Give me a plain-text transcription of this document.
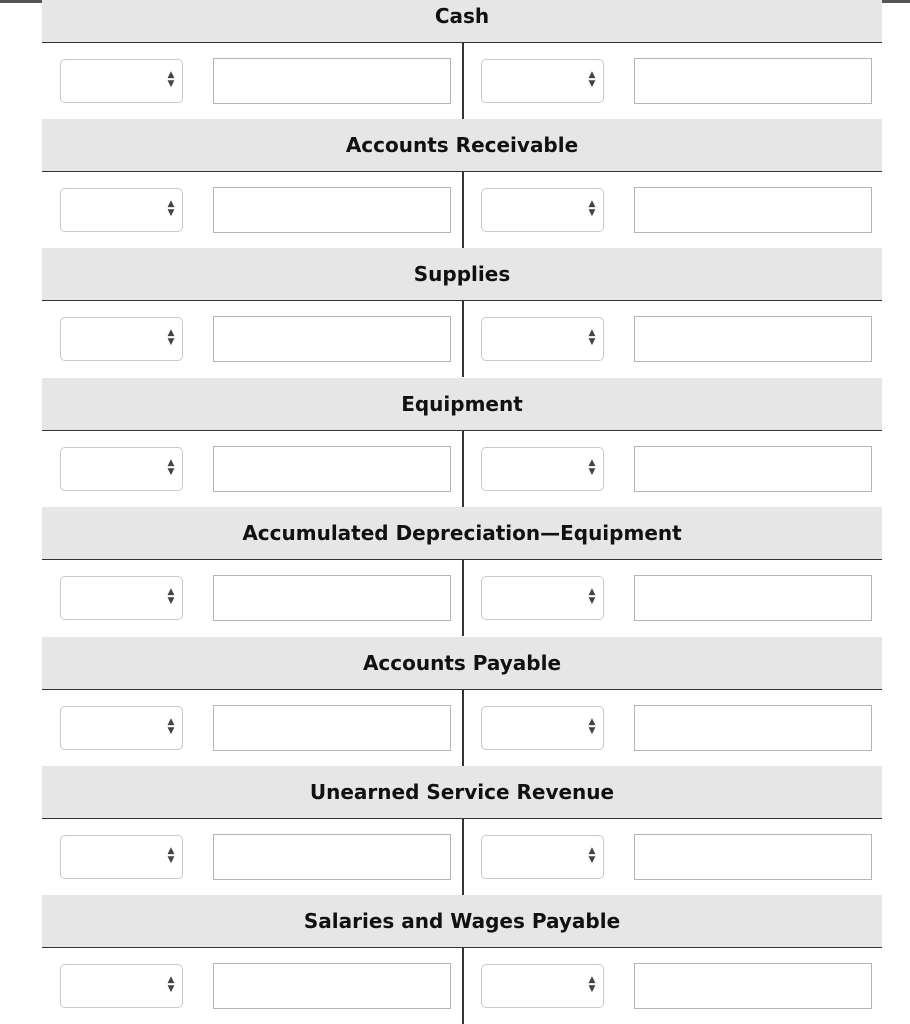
Cash
▲
▼
▲
▼
Accounts Receivable
▲
▼
▲
▼
Supplies
▲
▼
▲
▼
Equipment
▲
▼
▲
▼
Accumulated Depreciation—Equipment
▲
▼
▲
▼
Accounts Payable
▲
▼
▲
▼
Unearned Service Revenue
▲
▼
▲
▼
Salaries and Wages Payable
▲
▼
▲
▼
